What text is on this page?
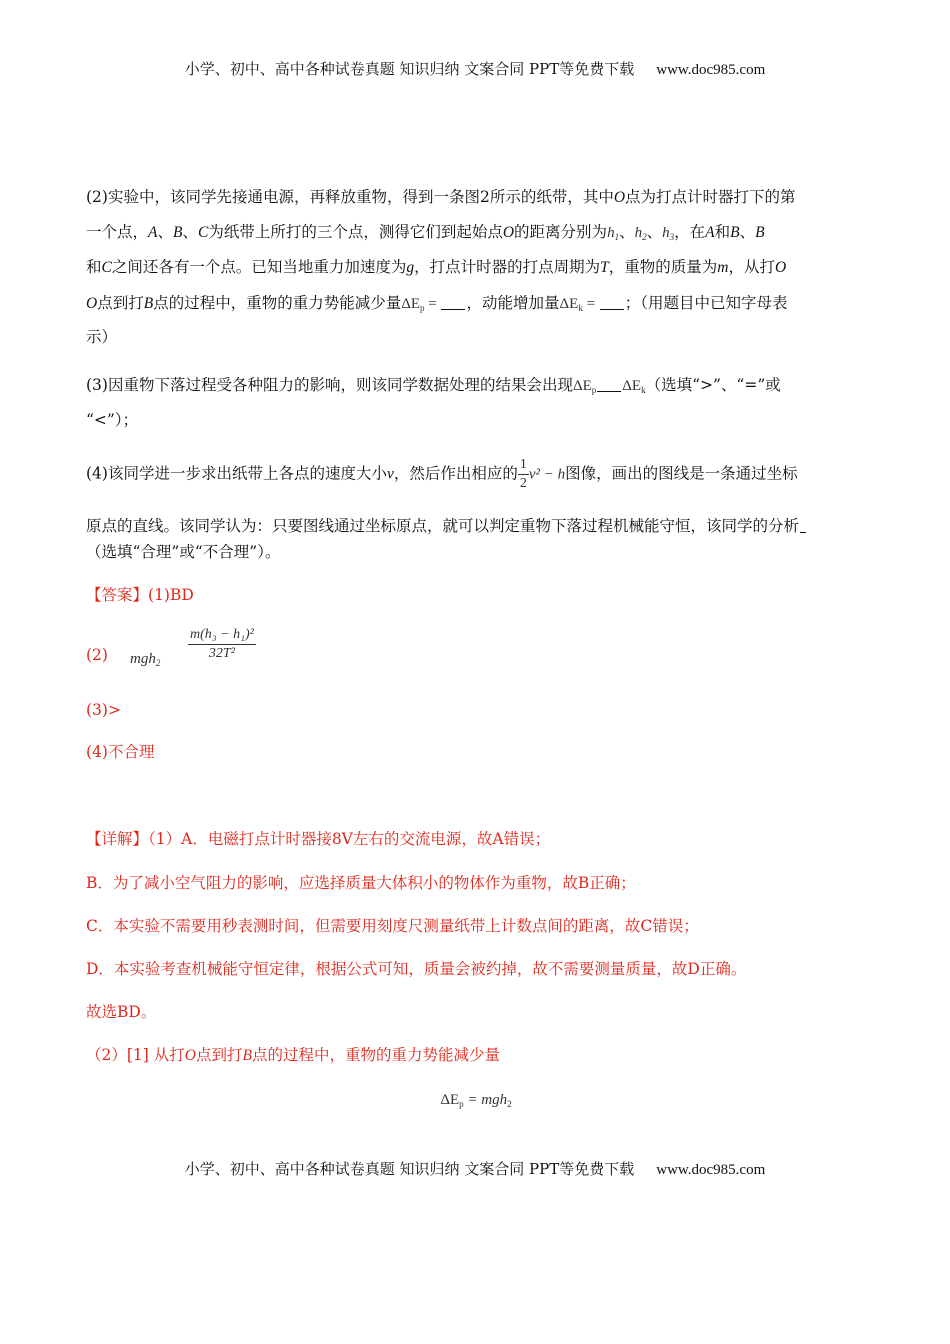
小学、初中、高中各种试卷真题 知识归纳 文案合同 PPT等免费下载 www.doc985.com
(2)实验中，该同学先接通电源，再释放重物，得到一条图2所示的纸带，其中O点为打点计时器打下的第
一个点，A、B、C为纸带上所打的三个点，测得它们到起始点O的距离分别为$h_1$、$h_2$、$h_3$，在A和B、B
和C之间还各有一个点。已知当地重力加速度为g，打点计时器的打点周期为T，重物的质量为m，从打O
O点到打B点的过程中，重物的重力势能减少量$\Delta E_p$ = ，动能增加量$\Delta E_k$ = ；（用题目中已知字母表
示）
(3)因重物下落过程受各种阻力的影响，则该同学数据处理的结果会出现$\Delta E_p$ $\Delta E_k$（选填“>”、“=”或
“<”）；
(4)该同学进一步求出纸带上各点的速度大小v，然后作出相应的 $\frac{1}{2} v^2 - h$图像，画出的图线是一条通过坐标
原点的直线。该同学认为：只要图线通过坐标原点，就可以判定重物下落过程机械能守恒，该同学的分析
（选填“合理”或“不合理”）。
【答案】(1)BD
(2) mgh$_2$
$\frac{\text{m(h₃ − h₁)²}}{\text{32T²}}$
(3)>
(4)不合理
【详解】（1）A．电磁打点计时器接8V左右的交流电源，故A错误；
B．为了减小空气阻力的影响，应选择质量大体积小的物体作为重物，故B正确；
C．本实验不需要用秒表测时间，但需要用刻度尺测量纸带上计数点间的距离，故C错误；
D．本实验考查机械能守恒定律，根据公式可知，质量会被约掉，故不需要测量质量，故D正确。
故选BD。
（2）[1] 从打O点到打B点的过程中，重物的重力势能减少量
$\Delta E_p = mgh_2$
小学、初中、高中各种试卷真题 知识归纳 文案合同 PPT等免费下载 www.doc985.com
